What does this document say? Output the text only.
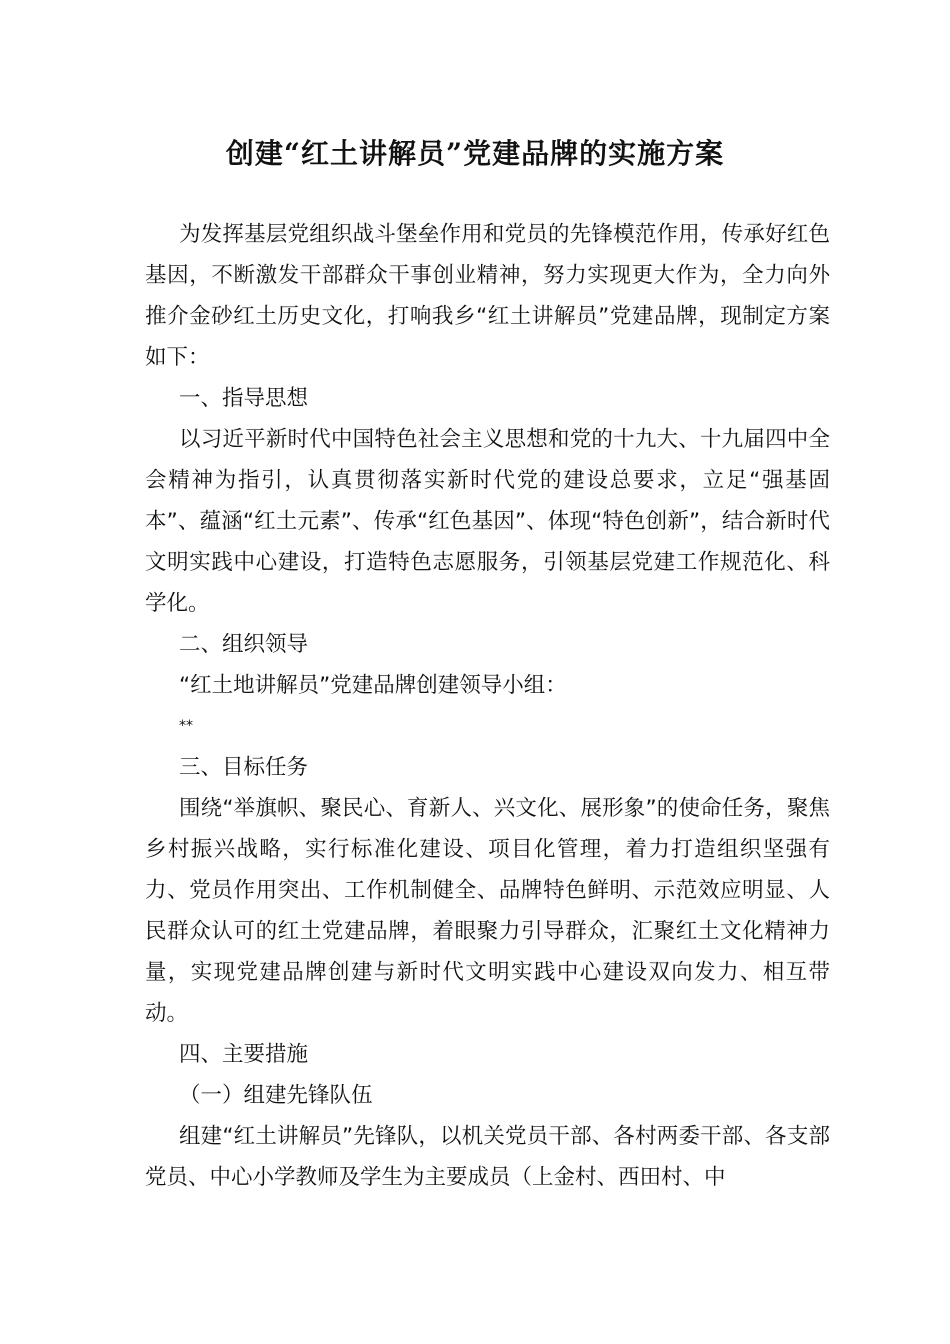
创建“红土讲解员”党建品牌的实施方案

为发挥基层党组织战斗堡垒作用和党员的先锋模范作用，传承好红色基因，不断激发干部群众干事创业精神，努力实现更大作为，全力向外推介金砂红土历史文化，打响我乡“红土讲解员”党建品牌，现制定方案如下：

一、指导思想

以习近平新时代中国特色社会主义思想和党的十九大、十九届四中全会精神为指引，认真贯彻落实新时代党的建设总要求，立足“强基固本”、蕴涵“红土元素”、传承“红色基因”、体现“特色创新”，结合新时代文明实践中心建设，打造特色志愿服务，引领基层党建工作规范化、科学化。

二、组织领导

“红土地讲解员”党建品牌创建领导小组：

**

三、目标任务

围绕“举旗帜、聚民心、育新人、兴文化、展形象”的使命任务，聚焦乡村振兴战略，实行标准化建设、项目化管理，着力打造组织坚强有力、党员作用突出、工作机制健全、品牌特色鲜明、示范效应明显、人民群众认可的红土党建品牌，着眼聚力引导群众，汇聚红土文化精神力量，实现党建品牌创建与新时代文明实践中心建设双向发力、相互带动。

四、主要措施

（一）组建先锋队伍

组建“红土讲解员”先锋队，以机关党员干部、各村两委干部、各支部党员、中心小学教师及学生为主要成员（上金村、西田村、中
